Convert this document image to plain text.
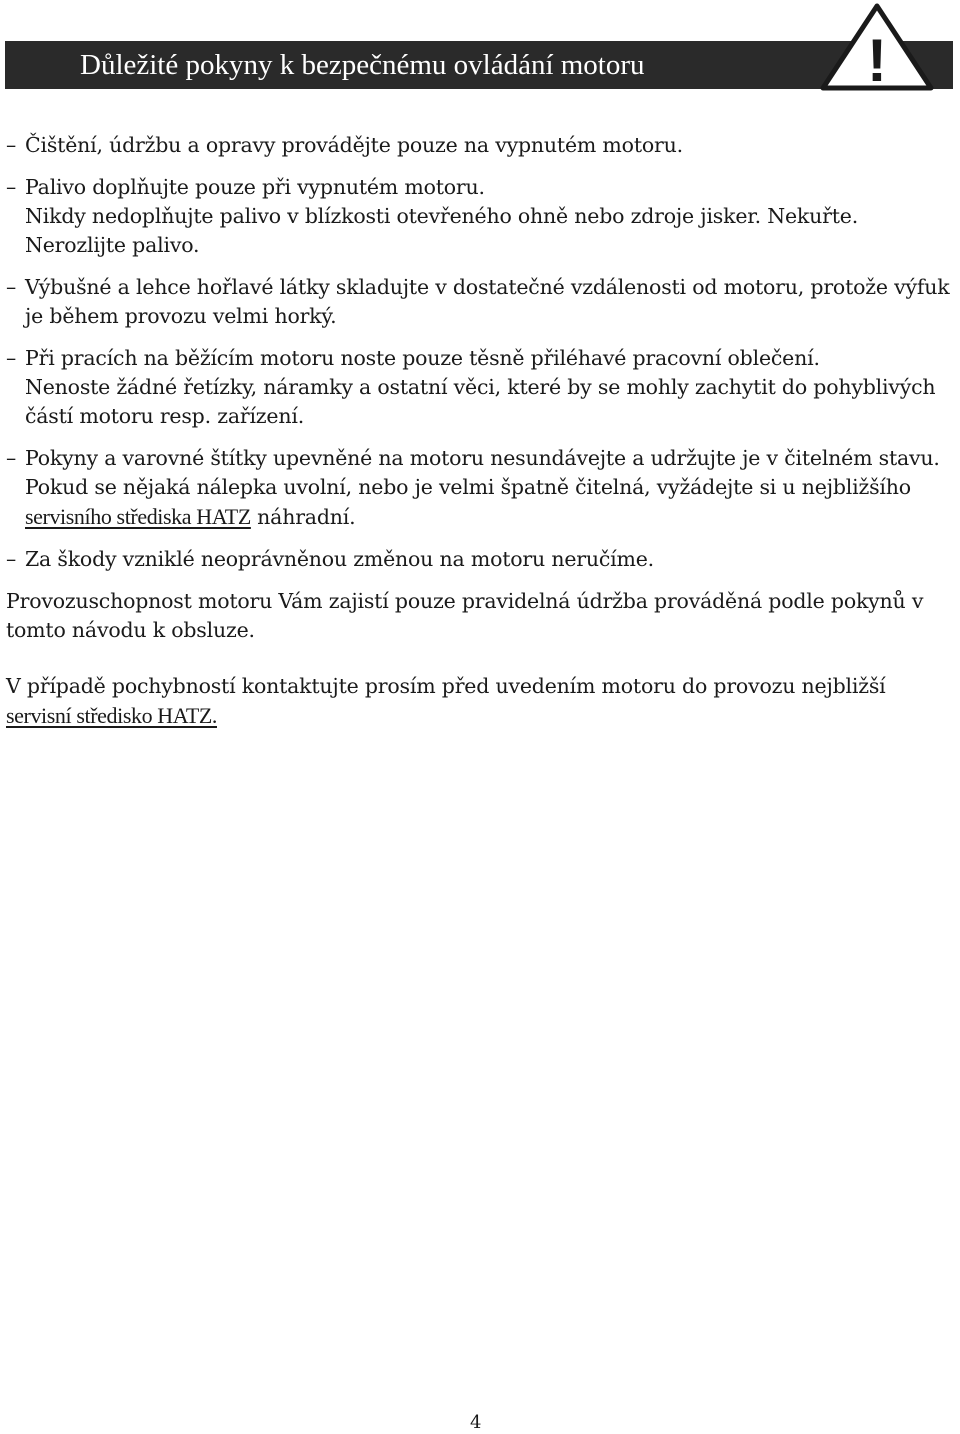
Důležité pokyny k bezpečnému ovládání motoru	!
– Čištění, údržbu a opravy provádějte pouze na vypnutém motoru.

– Palivo doplňujte pouze při vypnutém motoru.

Nikdy nedoplňujte palivo v blízkosti otevřeného ohně nebo zdroje jisker. Nekuřte. Nerozlijte palivo.

– Výbušné a lehce hořlavé látky skladujte v dostatečné vzdálenosti od motoru, protože výfuk je během provozu velmi horký.

– Při pracích na běžícím motoru noste pouze těsně přiléhavé pracovní oblečení.

Nenoste žádné řetízky, náramky a ostatní věci, které by se mohly zachytit do pohyblivých částí motoru resp. zařízení.

– Pokyny a varovné štítky upevněné na motoru nesundávejte a udržujte je v čitelném stavu. Pokud se nějaká nálepka uvolní, nebo je velmi špatně čitelná, vyžádejte si u nejbližšího servisního střediska HATZ náhradní.

– Za škody vzniklé neoprávněnou změnou na motoru neručíme.

Provozuschopnost motoru Vám zajistí pouze pravidelná údržba prováděná podle pokynů v tomto návodu k obsluze.

V případě pochybností kontaktujte prosím před uvedením motoru do provozu nejbližší servisní středisko HATZ.

4
